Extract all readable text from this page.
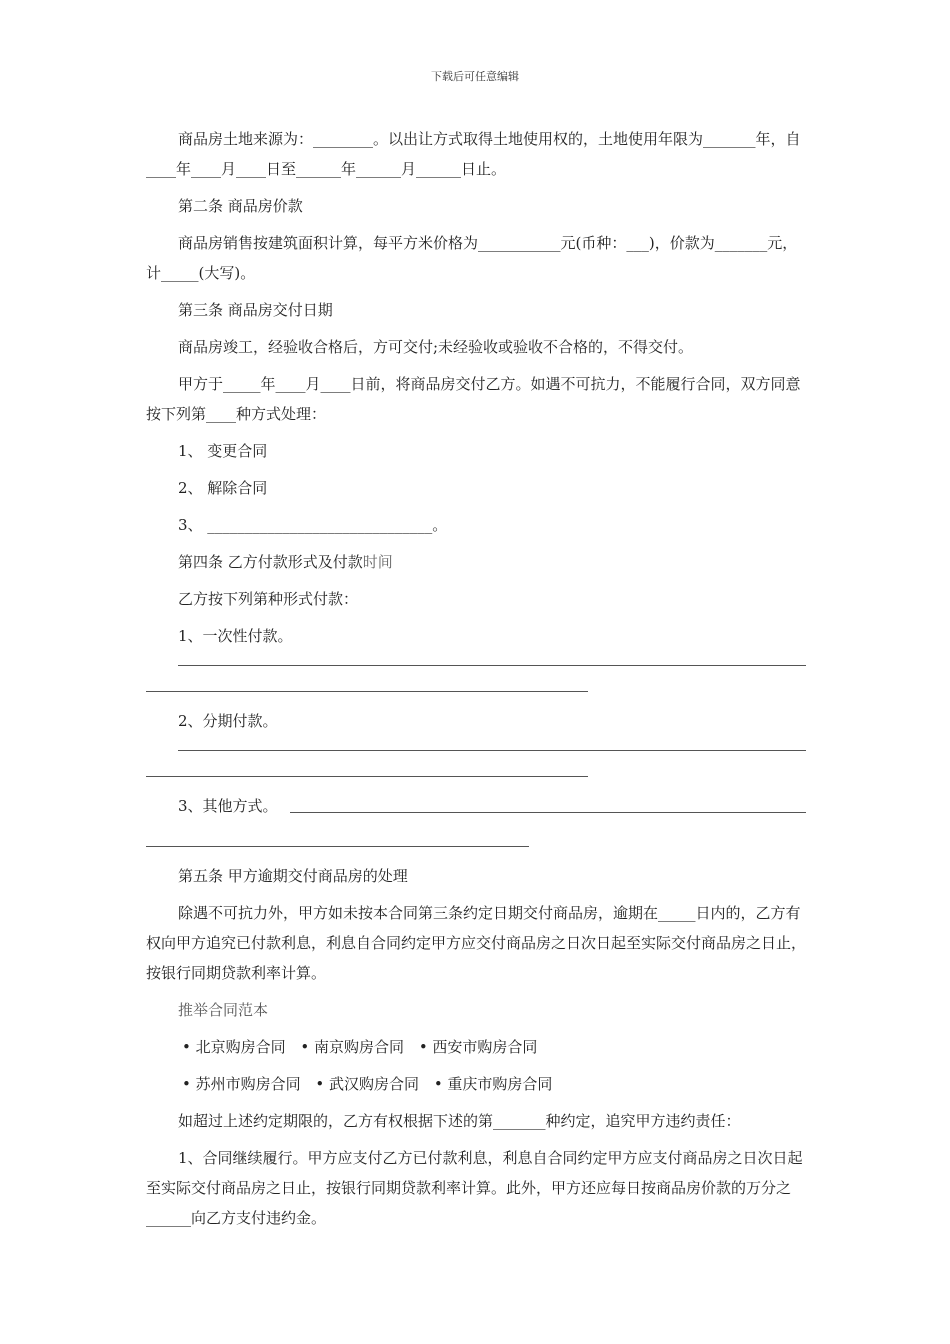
下载后可任意编辑

商品房土地来源为：________。以出让方式取得土地使用权的，土地使用年限为_______年，自____年____月____日至______年______月______日止。

第二条 商品房价款

商品房销售按建筑面积计算，每平方米价格为___________元(币种：___)，价款为_______元，计_____(大写)。

第三条 商品房交付日期

商品房竣工，经验收合格后，方可交付;未经验收或验收不合格的，不得交付。

甲方于_____年____月____日前，将商品房交付乙方。如遇不可抗力，不能履行合同，双方同意按下列第____种方式处理：

1、 变更合同
2、 解除合同
3、 ______________________________。

第四条 乙方付款形式及付款时间

乙方按下列第种形式付款：

1、一次性付款。
2、分期付款。
3、其他方式。

第五条 甲方逾期交付商品房的处理

除遇不可抗力外，甲方如未按本合同第三条约定日期交付商品房，逾期在_____日内的，乙方有权向甲方追究已付款利息，利息自合同约定甲方应交付商品房之日次日起至实际交付商品房之日止，按银行同期贷款利率计算。

推举合同范本

• 北京购房合同 • 南京购房合同 • 西安市购房合同
• 苏州市购房合同 • 武汉购房合同 • 重庆市购房合同

如超过上述约定期限的，乙方有权根据下述的第_______种约定，追究甲方违约责任：

1、合同继续履行。甲方应支付乙方已付款利息，利息自合同约定甲方应支付商品房之日次日起至实际交付商品房之日止，按银行同期贷款利率计算。此外，甲方还应每日按商品房价款的万分之______向乙方支付违约金。
